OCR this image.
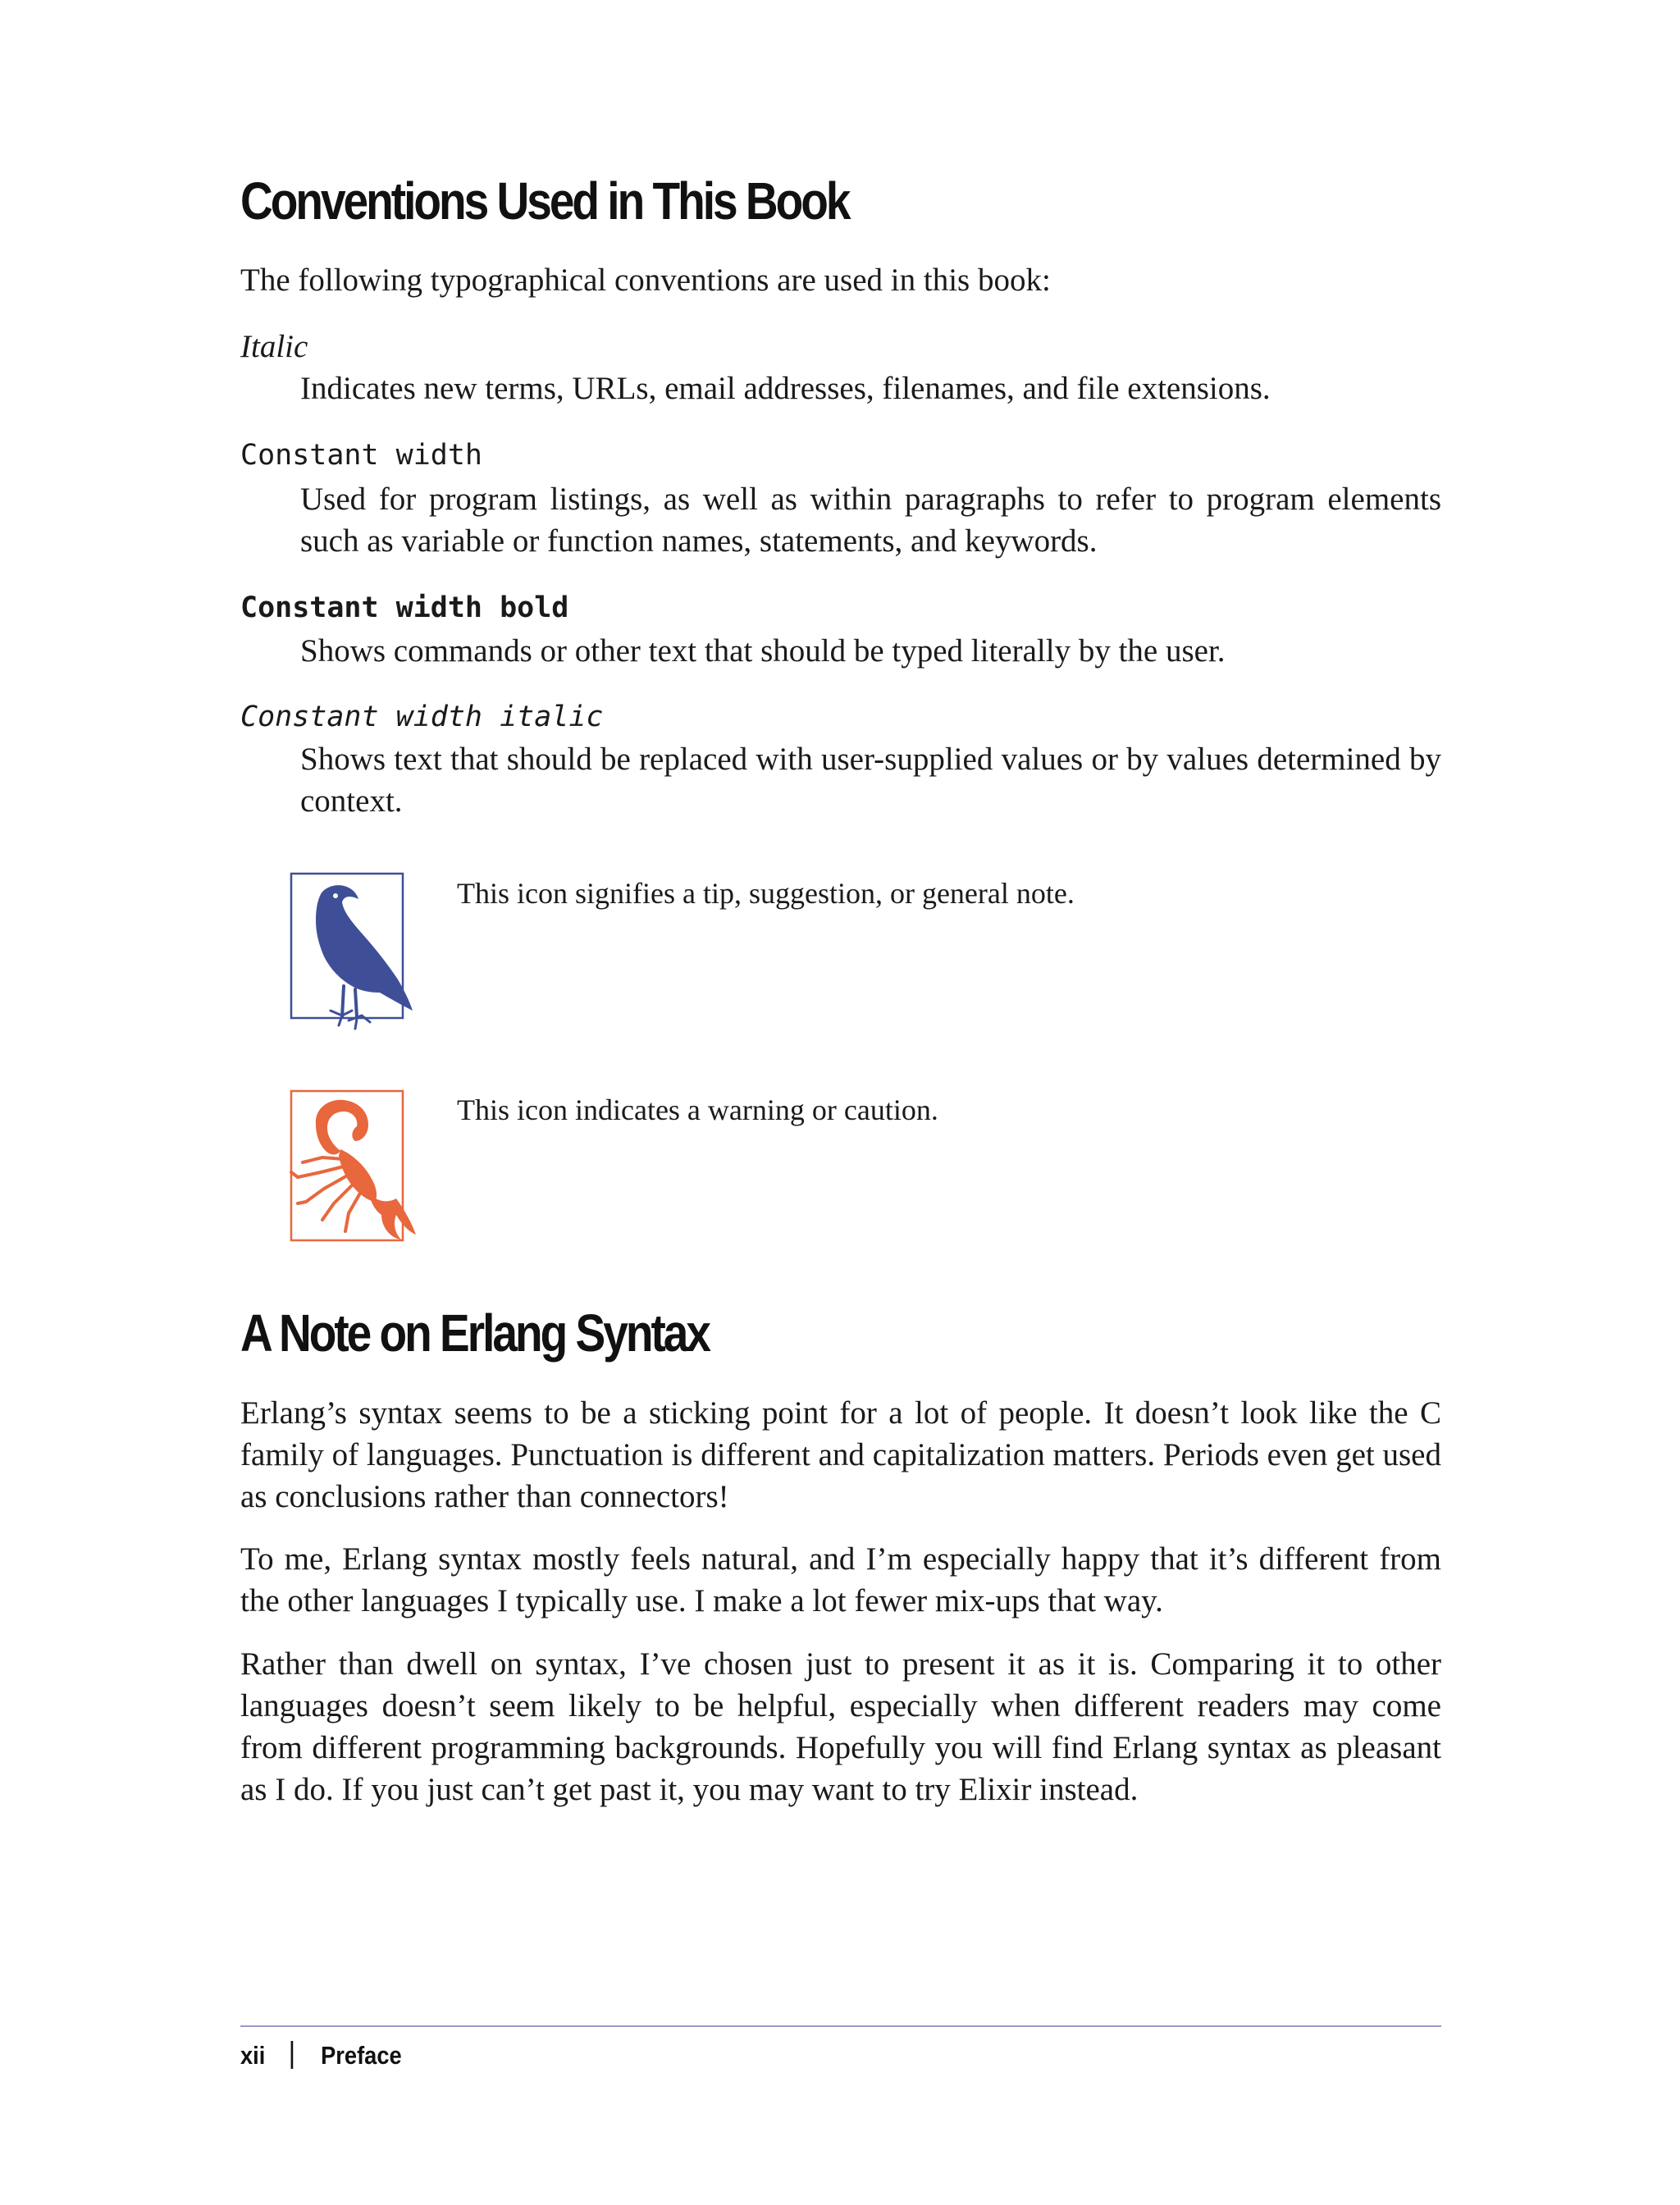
Conventions Used in This Book

The following typographical conventions are used in this book:

Italic

Indicates new terms, URLs, email addresses, filenames, and file extensions.

Constant width

Used for program listings, as well as within paragraphs to refer to program elements such as variable or function names, statements, and keywords.

Constant width bold

Shows commands or other text that should be typed literally by the user.

Constant width italic

Shows text that should be replaced with user-supplied values or by values determined by context.

This icon signifies a tip, suggestion, or general note.

This icon indicates a warning or caution.

A Note on Erlang Syntax

Erlang’s syntax seems to be a sticking point for a lot of people. It doesn’t look like the C family of languages. Punctuation is different and capitalization matters. Periods even get used as conclusions rather than connectors!

To me, Erlang syntax mostly feels natural, and I’m especially happy that it’s different from the other languages I typically use. I make a lot fewer mix-ups that way.

Rather than dwell on syntax, I’ve chosen just to present it as it is. Comparing it to other languages doesn’t seem likely to be helpful, especially when different readers may come from different programming backgrounds. Hopefully you will find Erlang syntax as pleasant as I do. If you just can’t get past it, you may want to try Elixir instead.

xii Preface
